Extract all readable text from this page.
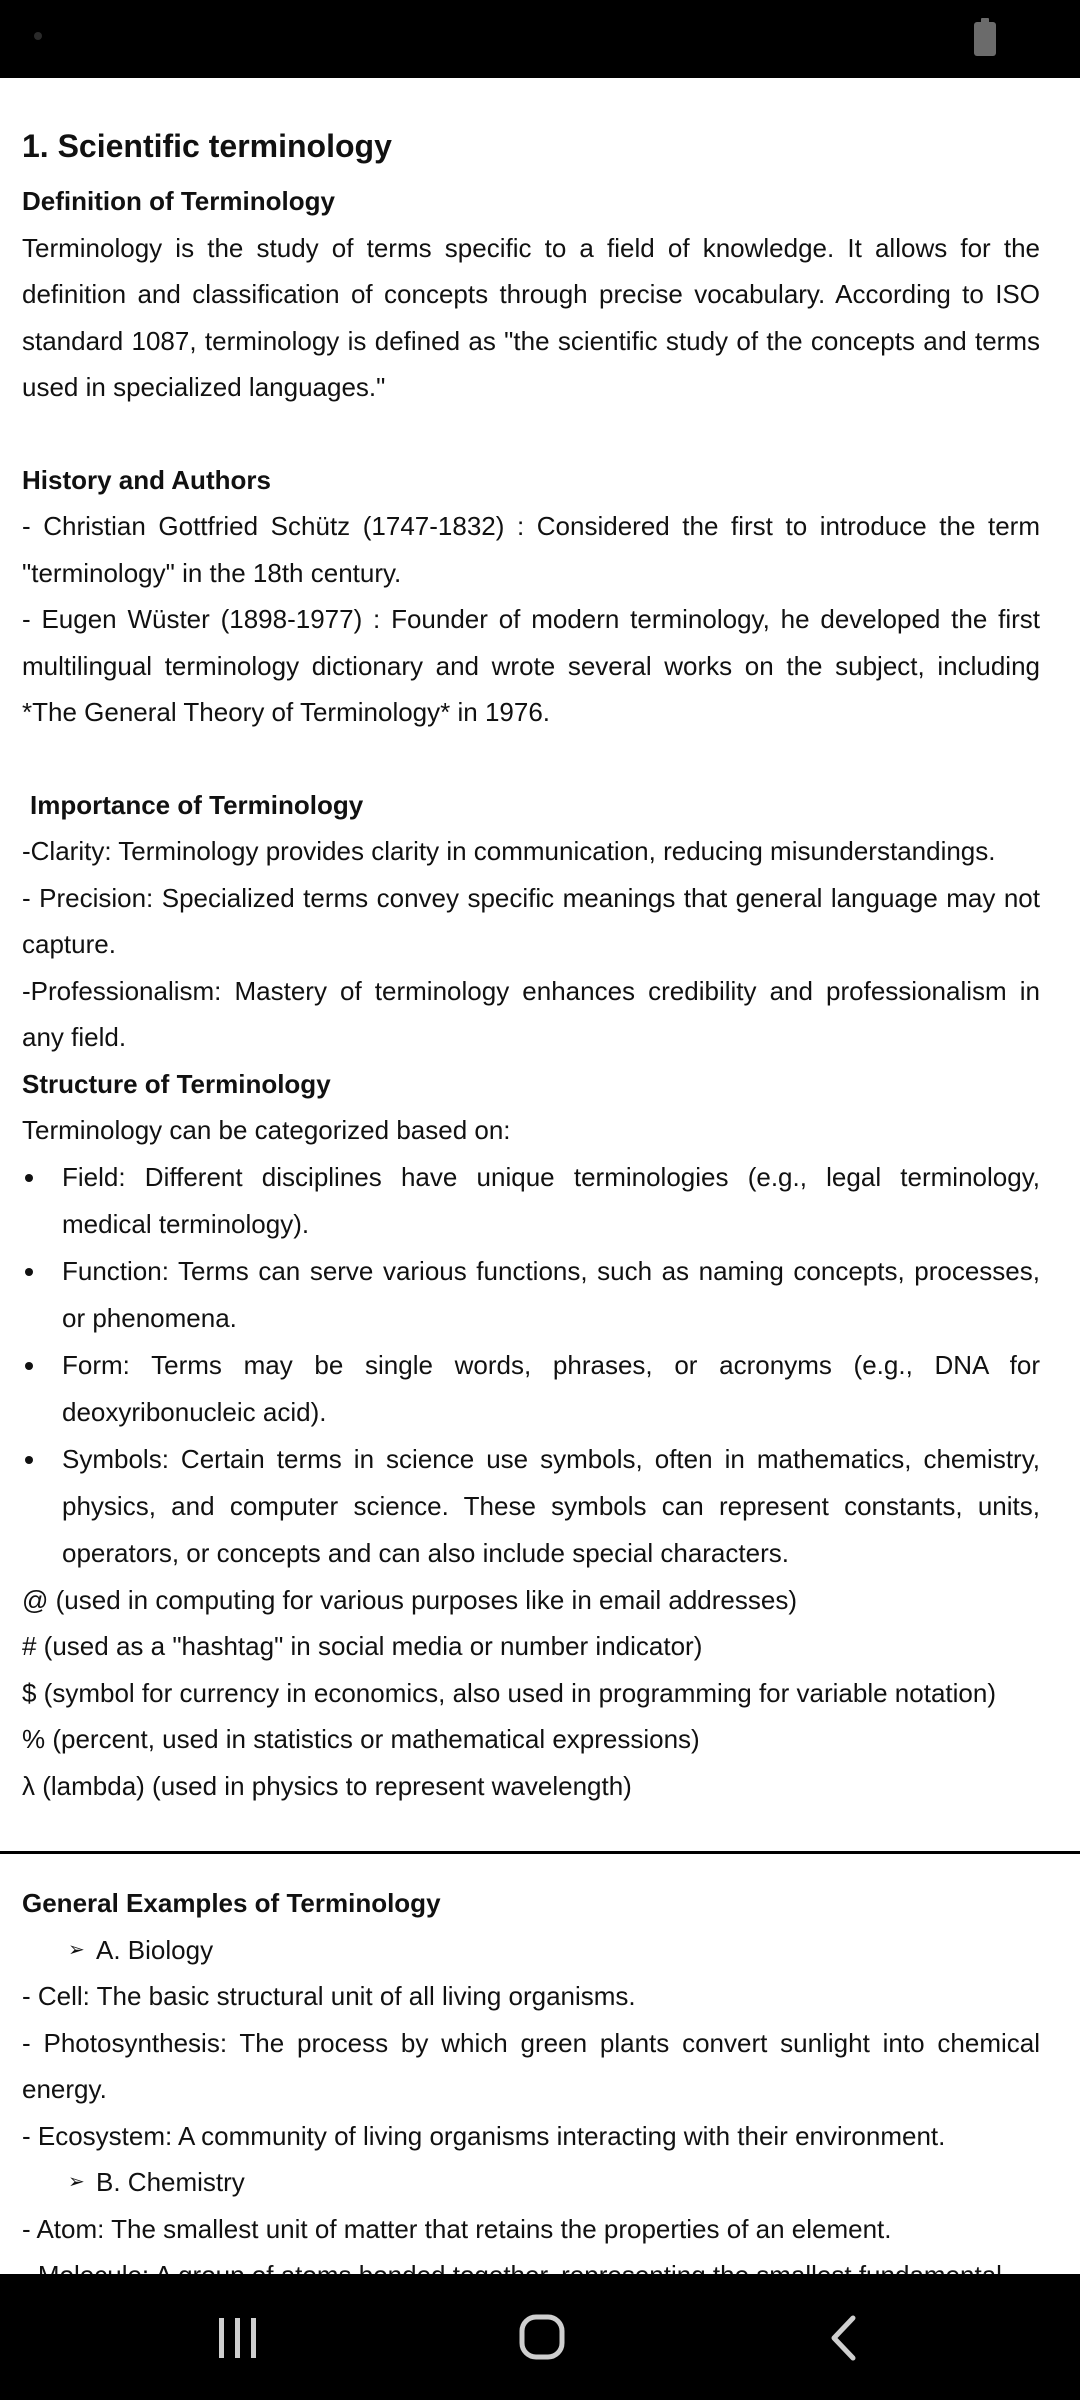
1. Scientific terminology
Definition of Terminology

Terminology is the study of terms specific to a field of knowledge. It allows for the definition and classification of concepts through precise vocabulary. According to ISO standard 1087, terminology is defined as "the scientific study of the concepts and terms used in specialized languages."

History and Authors

- Christian Gottfried Schütz (1747-1832) : Considered the first to introduce the term "terminology" in the 18th century.

- Eugen Wüster (1898-1977) : Founder of modern terminology, he developed the first multilingual terminology dictionary and wrote several works on the subject, including *The General Theory of Terminology* in 1976.

Importance of Terminology

-Clarity: Terminology provides clarity in communication, reducing misunderstandings.

- Precision: Specialized terms convey specific meanings that general language may not capture.

-Professionalism: Mastery of terminology enhances credibility and professionalism in any field.

Structure of Terminology

Terminology can be categorized based on:

Field: Different disciplines have unique terminologies (e.g., legal terminology, medical terminology).
Function: Terms can serve various functions, such as naming concepts, processes, or phenomena.
Form: Terms may be single words, phrases, or acronyms (e.g., DNA for deoxyribonucleic acid).
Symbols: Certain terms in science use symbols, often in mathematics, chemistry, physics, and computer science. These symbols can represent constants, units, operators, or concepts and can also include special characters.

@ (used in computing for various purposes like in email addresses)

# (used as a "hashtag" in social media or number indicator)

$ (symbol for currency in economics, also used in programming for variable notation)

% (percent, used in statistics or mathematical expressions)

λ (lambda) (used in physics to represent wavelength)

General Examples of Terminology
➢ A. Biology

- Cell: The basic structural unit of all living organisms.

- Photosynthesis: The process by which green plants convert sunlight into chemical energy.

- Ecosystem: A community of living organisms interacting with their environment.

➢ B. Chemistry

- Atom: The smallest unit of matter that retains the properties of an element.
